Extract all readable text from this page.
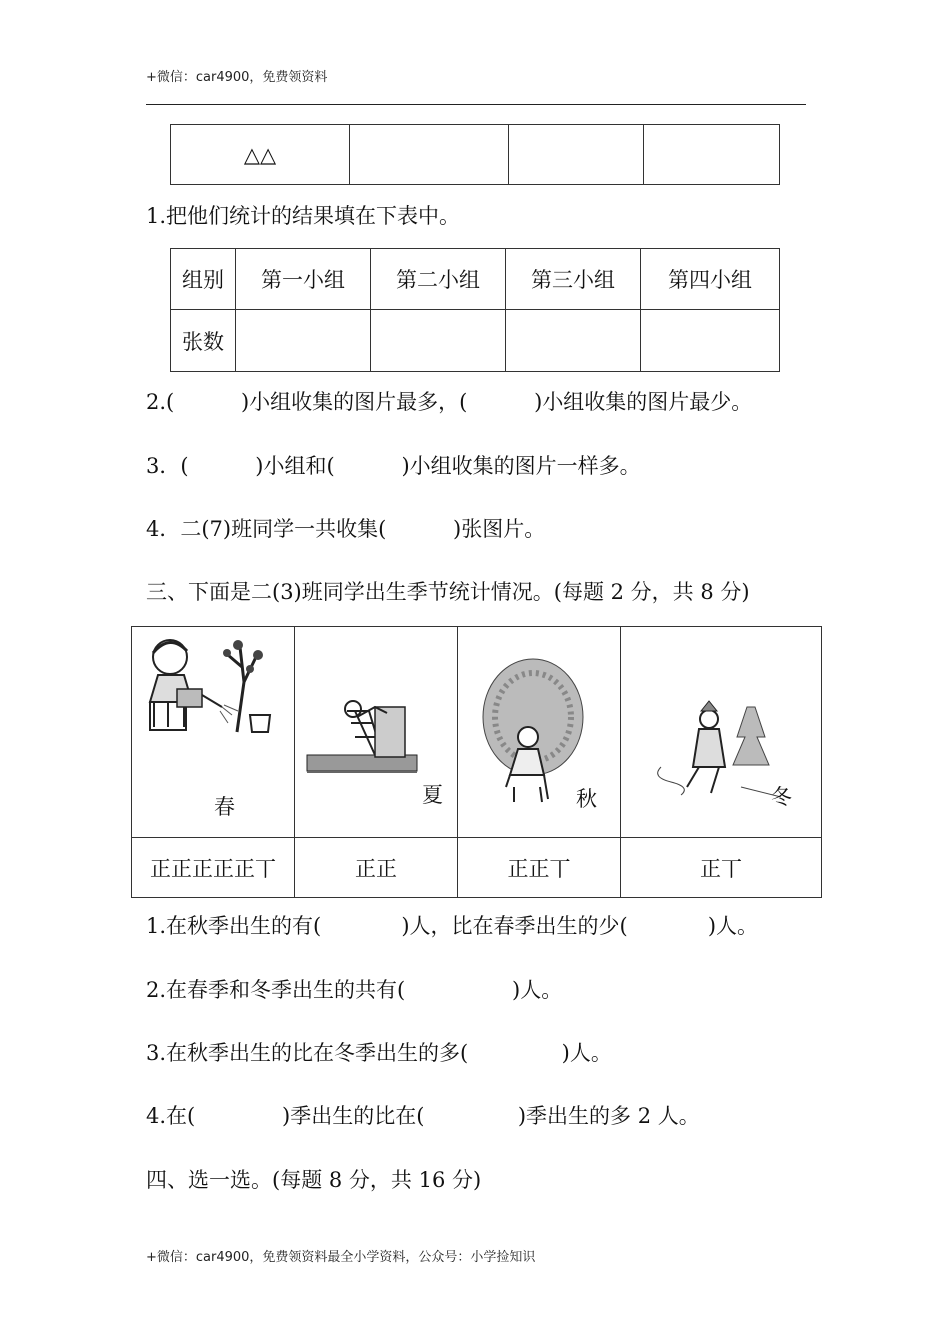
+微信：car4900，免费领资料
△△			
1.把他们统计的结果填在下表中。
组别	第一小组	第二小组	第三小组	第四小组
张数				
2.(          )小组收集的图片最多，(          )小组收集的图片最少。
3．(          )小组和(          )小组收集的图片一样多。
4．二(7)班同学一共收集(          )张图片。
三、下面是二(3)班同学出生季节统计情况。(每题 2 分，共 8 分)
春	夏	秋	冬

正正正正正丅	正正	正正丅	正丅
1.在秋季出生的有(            )人，比在春季出生的少(            )人。
2.在春季和冬季出生的共有(                )人。
3.在秋季出生的比在冬季出生的多(              )人。
4.在(             )季出生的比在(              )季出生的多 2 人。
四、选一选。(每题 8 分，共 16 分)
+微信：car4900，免费领资料最全小学资料，公众号：小学捡知识
